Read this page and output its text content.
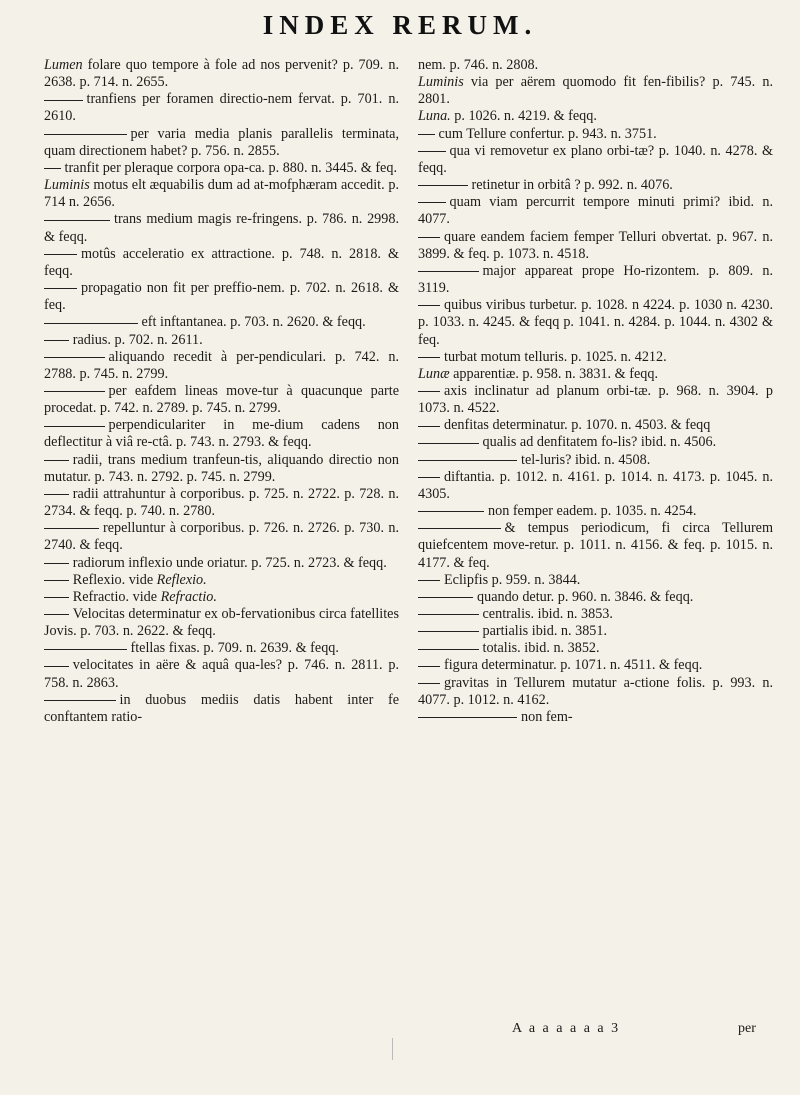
INDEX RERUM.

Lumen folare quo tempore à fole ad nos pervenit? p. 709. n. 2638. p. 714. n. 2655.

tranfiens per foramen directio-nem fervat. p. 701. n. 2610.

per varia media planis parallelis terminata, quam directionem habet? p. 756. n. 2855.

tranfit per pleraque corpora opa-ca. p. 880. n. 3445. & feq.

Luminis motus elt æquabilis dum ad at-mofphæram accedit. p. 714 n. 2656.

trans medium magis re-fringens. p. 786. n. 2998. & feqq.

motûs acceleratio ex attractione. p. 748. n. 2818. & feqq.

propagatio non fit per preffio-nem. p. 702. n. 2618. & feq.

eft inftantanea. p. 703. n. 2620. & feqq.

radius. p. 702. n. 2611.

aliquando recedit à per-pendiculari. p. 742. n. 2788. p. 745. n. 2799.

per eafdem lineas move-tur à quacunque parte procedat. p. 742. n. 2789. p. 745. n. 2799.

perpendiculariter in me-dium cadens non deflectitur à viâ re-ctâ. p. 743. n. 2793. & feqq.

radii, trans medium tranfeun-tis, aliquando directio non mutatur. p. 743. n. 2792. p. 745. n. 2799.

radii attrahuntur à corporibus. p. 725. n. 2722. p. 728. n. 2734. & feqq. p. 740. n. 2780.

repelluntur à corporibus. p. 726. n. 2726. p. 730. n. 2740. & feqq.

radiorum inflexio unde oriatur. p. 725. n. 2723. & feqq.

Reflexio. vide Reflexio.

Refractio. vide Refractio.

Velocitas determinatur ex ob-fervationibus circa fatellites Jovis. p. 703. n. 2622. & feqq.

ftellas fixas. p. 709. n. 2639. & feqq.

velocitates in aëre & aquâ qua-les? p. 746. n. 2811. p. 758. n. 2863.

in duobus mediis datis habent inter fe conftantem ratio-

nem. p. 746. n. 2808.

Luminis via per aërem quomodo fit fen-fibilis? p. 745. n. 2801.

Luna. p. 1026. n. 4219. & feqq.

cum Tellure confertur. p. 943. n. 3751.

qua vi removetur ex plano orbi-tæ? p. 1040. n. 4278. & feqq.

retinetur in orbitâ ? p. 992. n. 4076.

quam viam percurrit tempore minuti primi? ibid. n. 4077.

quare eandem faciem femper Telluri obvertat. p. 967. n. 3899. & feq. p. 1073. n. 4518.

major appareat prope Ho-rizontem. p. 809. n. 3119.

quibus viribus turbetur. p. 1028. n 4224. p. 1030 n. 4230. p. 1033. n. 4245. & feqq p. 1041. n. 4284. p. 1044. n. 4302 & feq.

turbat motum telluris. p. 1025. n. 4212.

Lunæ apparentiæ. p. 958. n. 3831. & feqq.

axis inclinatur ad planum orbi-tæ. p. 968. n. 3904. p 1073. n. 4522.

denfitas determinatur. p. 1070. n. 4503. & feqq

qualis ad denfitatem fo-lis? ibid. n. 4506.

tel-luris? ibid. n. 4508.

diftantia. p. 1012. n. 4161. p. 1014. n. 4173. p. 1045. n. 4305.

non femper eadem. p. 1035. n. 4254.

& tempus periodicum, fi circa Tellurem quiefcentem move-retur. p. 1011. n. 4156. & feq. p. 1015. n. 4177. & feq.

Eclipfis p. 959. n. 3844.

quando detur. p. 960. n. 3846. & feqq.

centralis. ibid. n. 3853.

partialis ibid. n. 3851.

totalis. ibid. n. 3852.

figura determinatur. p. 1071. n. 4511. & feqq.

gravitas in Tellurem mutatur a-ctione folis. p. 993. n. 4077. p. 1012. n. 4162.

non fem-

A a a a a a a 3	per
